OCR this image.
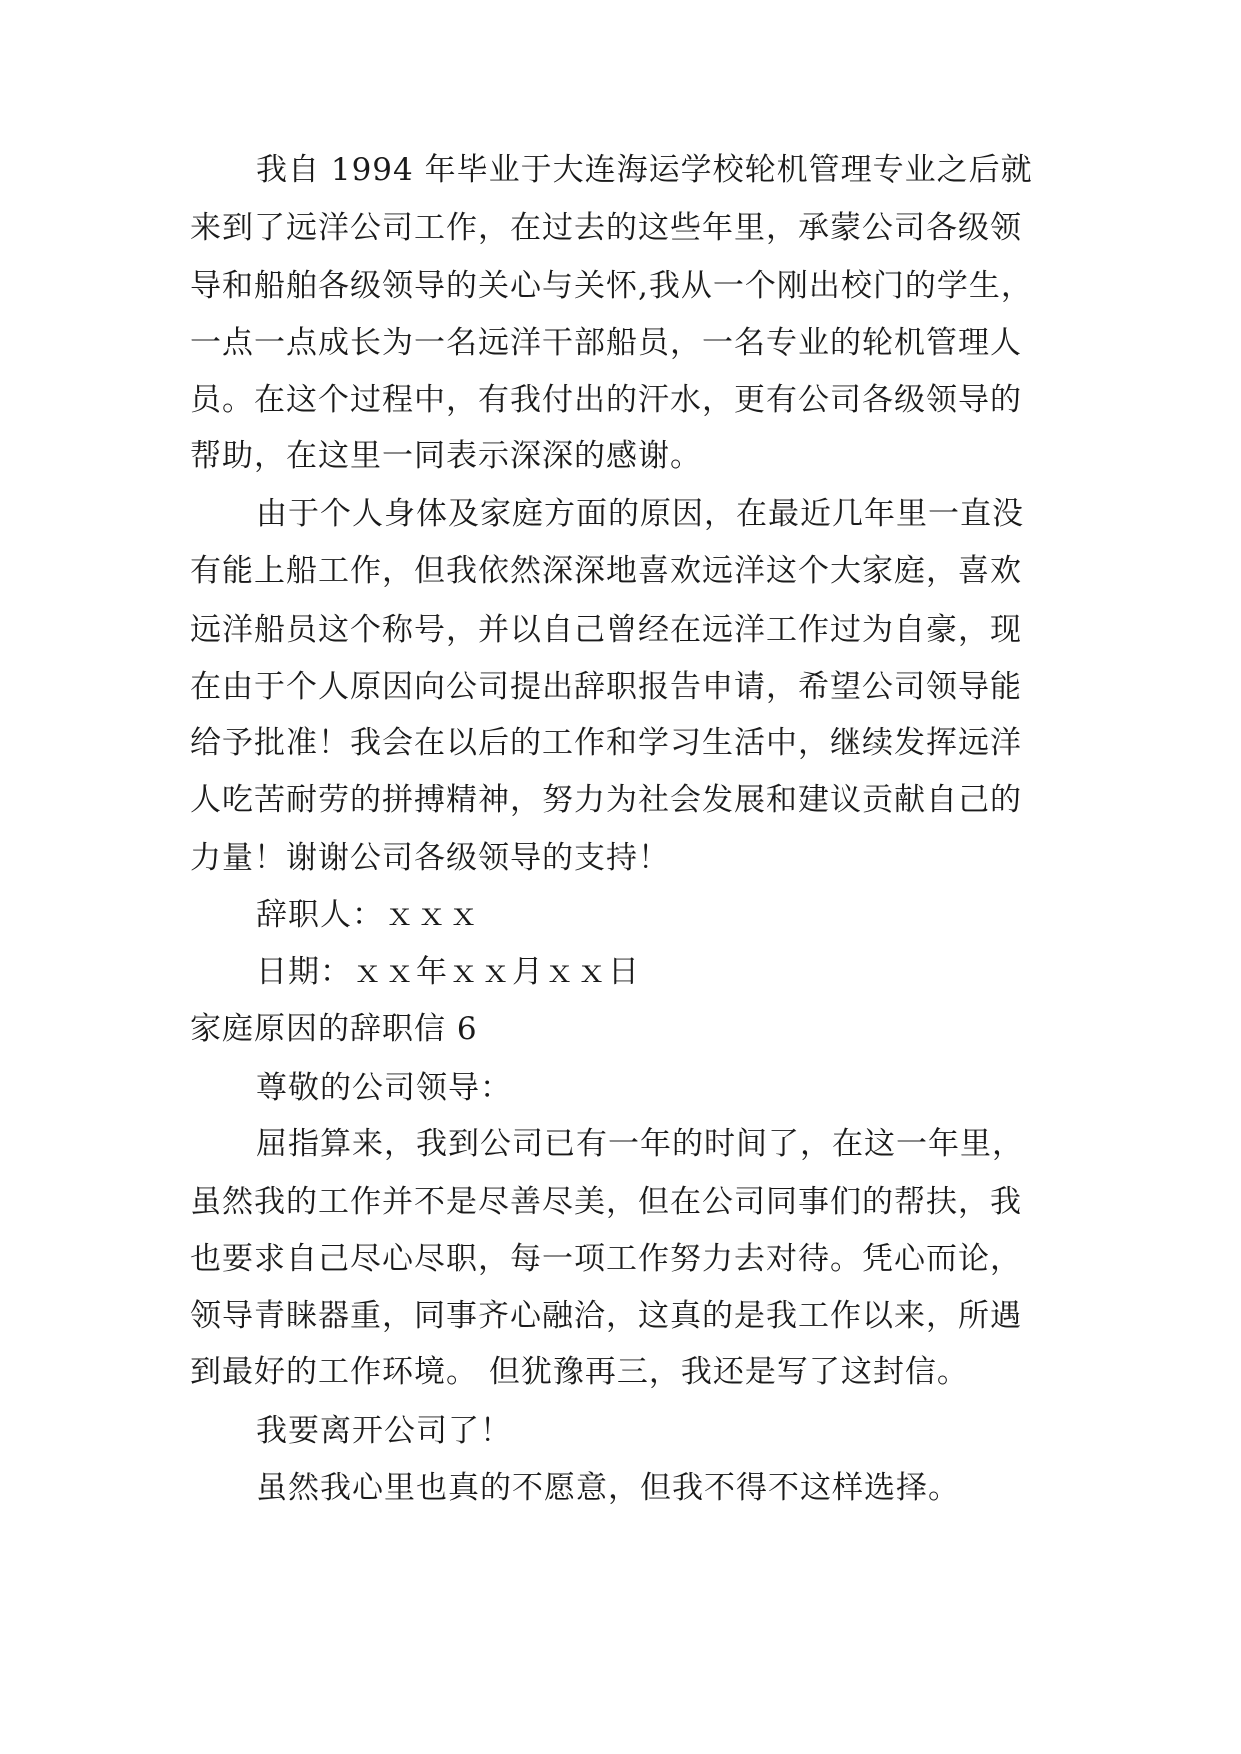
我自 1994 年毕业于大连海运学校轮机管理专业之后就
来到了远洋公司工作，在过去的这些年里，承蒙公司各级领
导和船舶各级领导的关心与关怀,我从一个刚出校门的学生，
一点一点成长为一名远洋干部船员，一名专业的轮机管理人
员。在这个过程中，有我付出的汗水，更有公司各级领导的
帮助，在这里一同表示深深的感谢。
由于个人身体及家庭方面的原因，在最近几年里一直没
有能上船工作，但我依然深深地喜欢远洋这个大家庭，喜欢
远洋船员这个称号，并以自己曾经在远洋工作过为自豪，现
在由于个人原因向公司提出辞职报告申请，希望公司领导能
给予批准！我会在以后的工作和学习生活中，继续发挥远洋
人吃苦耐劳的拼搏精神，努力为社会发展和建议贡献自己的
力量！谢谢公司各级领导的支持！
辞职人：ｘｘｘ
日期：ｘｘ年ｘｘ月ｘｘ日
家庭原因的辞职信 6
尊敬的公司领导：
屈指算来，我到公司已有一年的时间了，在这一年里，
虽然我的工作并不是尽善尽美，但在公司同事们的帮扶，我
也要求自己尽心尽职，每一项工作努力去对待。凭心而论，
领导青睐器重，同事齐心融洽，这真的是我工作以来，所遇
到最好的工作环境。 但犹豫再三，我还是写了这封信。
我要离开公司了！
虽然我心里也真的不愿意，但我不得不这样选择。
